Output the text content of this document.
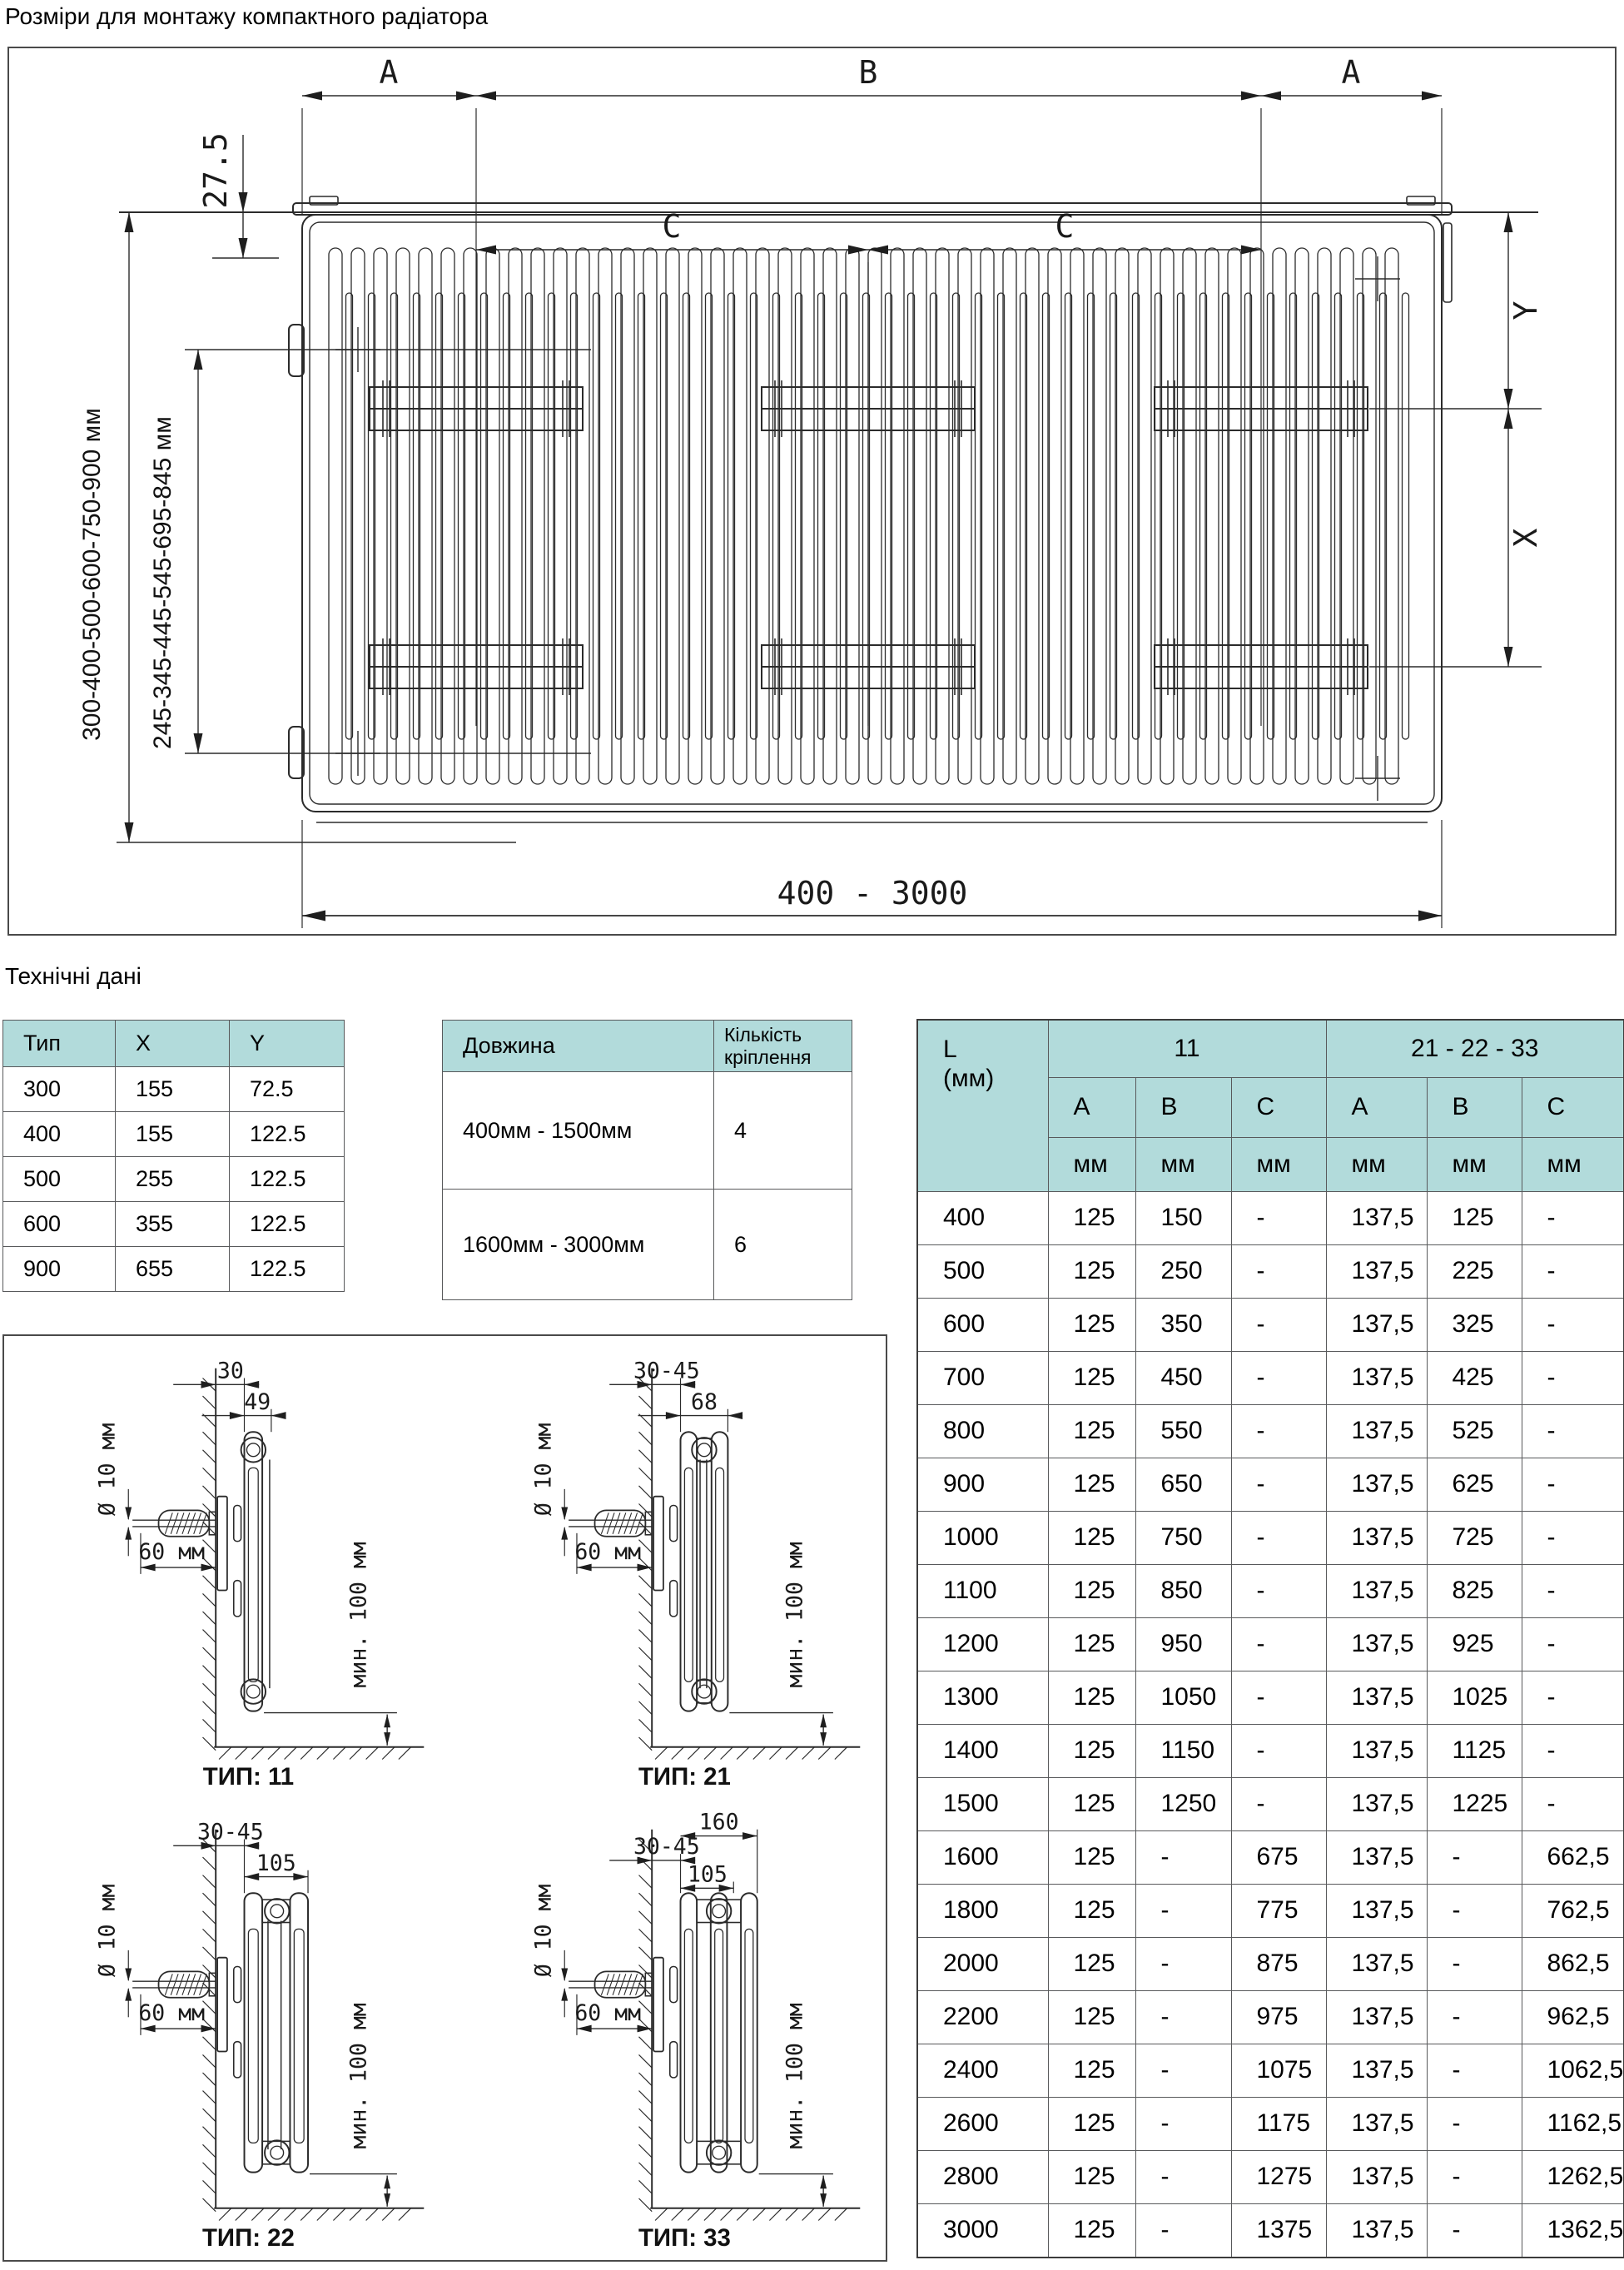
Розміри для монтажу компактного радіатора
A	B	A
C	C
27.5
300-400-500-600-750-900 мм 245-345-445-545-695-845 мм
Y
X
400 - 3000
Технічні дані
Тип	X	Y
300	155	72.5
400	155	122.5
500	255	122.5
600	355	122.5
900	655	122.5
Довжина	Кількість кріплення
400мм - 1500мм	4
1600мм - 3000мм	6
L
(мм)	11			21 - 22 - 33		
	A	B	C	A	B	C
	мм	мм	мм	мм	мм	мм
400	125	150	-	137,5	125	-
500	125	250	-	137,5	225	-
600	125	350	-	137,5	325	-
700	125	450	-	137,5	425	-
800	125	550	-	137,5	525	-
900	125	650	-	137,5	625	-
1000	125	750	-	137,5	725	-
1100	125	850	-	137,5	825	-
1200	125	950	-	137,5	925	-
1300	125	1050	-	137,5	1025	-
1400	125	1150	-	137,5	1125	-
1500	125	1250	-	137,5	1225	-
1600	125	-	675	137,5	-	662,5
1800	125	-	775	137,5	-	762,5
2000	125	-	875	137,5	-	862,5
2200	125	-	975	137,5	-	962,5
2400	125	-	1075	137,5	-	1062,5
2600	125	-	1175	137,5	-	1162,5
2800	125	-	1275	137,5	-	1262,5
3000	125	-	1375	137,5	-	1362,5
30
49
Ø 10 мм
60 мм	мин. 100 мм
ТИП: 11
30-45
68
Ø 10 мм
60 мм	мин. 100 мм
ТИП: 21
30-45
105
Ø 10 мм
60 мм	мин. 100 мм
ТИП: 22
160
30-45
105
Ø 10 мм
60 мм	мин. 100 мм
ТИП: 33
